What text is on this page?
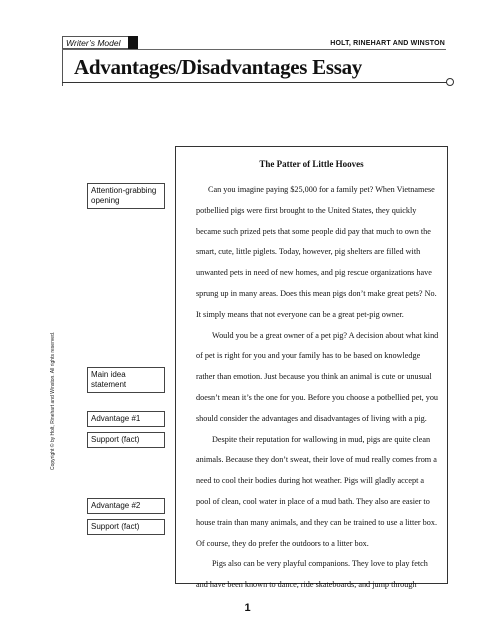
Writer’s Model	HOLT, RINEHART AND WINSTON
Advantages/Disadvantages Essay
The Patter of Little Hooves

Can you imagine paying $25,000 for a family pet? When Vietnamese potbellied pigs were first brought to the United States, they quickly became such prized pets that some people did pay that much to own the smart, cute, little piglets. Today, however, pig shelters are filled with unwanted pets in need of new homes, and pig rescue organizations have sprung up in many areas. Does this mean pigs don’t make great pets? No. It simply means that not everyone can be a great pet-pig owner.

Would you be a great owner of a pet pig? A decision about what kind of pet is right for you and your family has to be based on knowledge rather than emotion. Just because you think an animal is cute or unusual doesn’t mean it’s the one for you. Before you choose a potbellied pet, you should consider the advantages and disadvantages of living with a pig.

Despite their reputation for wallowing in mud, pigs are quite clean animals. Because they don’t sweat, their love of mud really comes from a need to cool their bodies during hot weather. Pigs will gladly accept a pool of clean, cool water in place of a mud bath. They also are easier to house train than many animals, and they can be trained to use a litter box. Of course, they do prefer the outdoors to a litter box.

Pigs also can be very playful companions. They love to play fetch and have been known to dance, ride skateboards, and jump through

Attention-grabbing opening
Main idea statement
Advantage #1
Support (fact)
Advantage #2
Support (fact)
Copyright © by Holt, Rinehart and Winston. All rights reserved.
1
